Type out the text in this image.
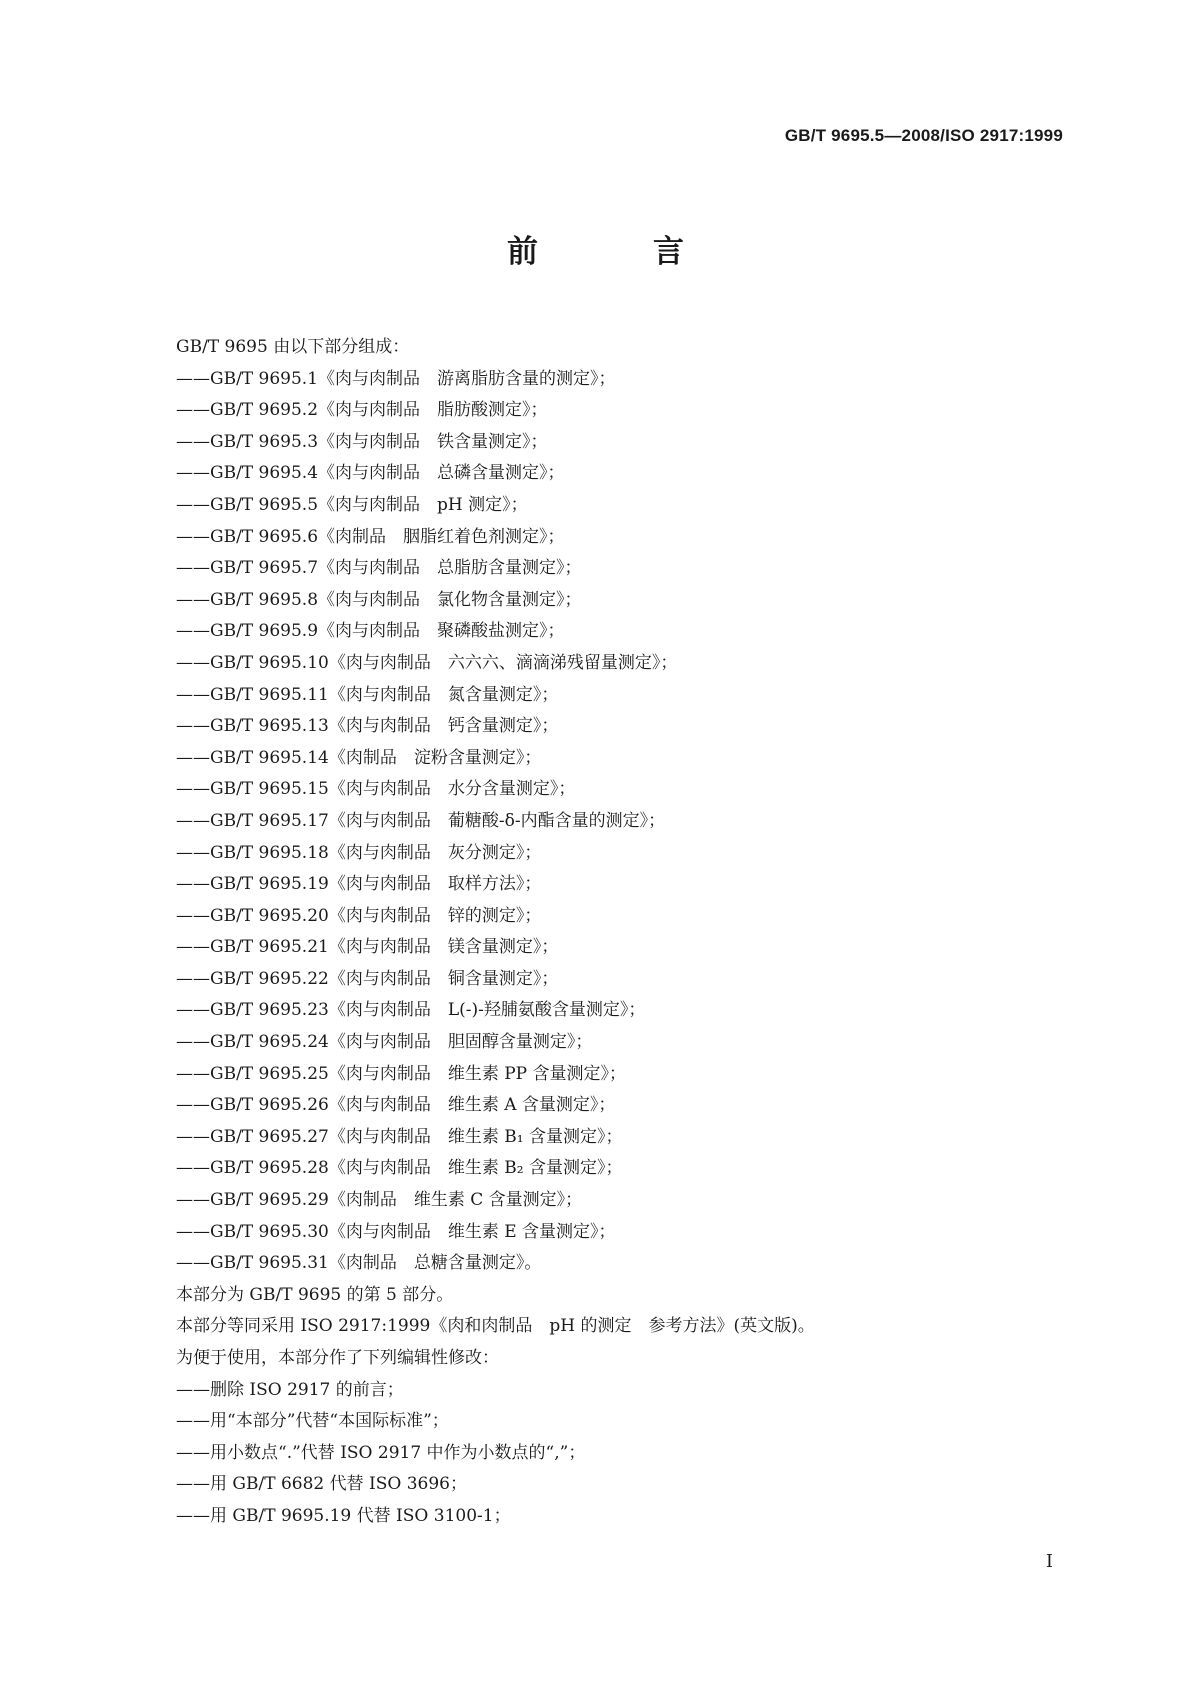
GB/T 9695.5—2008/ISO 2917:1999
前　言
GB/T 9695 由以下部分组成：
——GB/T 9695.1《肉与肉制品　游离脂肪含量的测定》；
——GB/T 9695.2《肉与肉制品　脂肪酸测定》；
——GB/T 9695.3《肉与肉制品　铁含量测定》；
——GB/T 9695.4《肉与肉制品　总磷含量测定》；
——GB/T 9695.5《肉与肉制品　pH 测定》；
——GB/T 9695.6《肉制品　胭脂红着色剂测定》；
——GB/T 9695.7《肉与肉制品　总脂肪含量测定》；
——GB/T 9695.8《肉与肉制品　氯化物含量测定》；
——GB/T 9695.9《肉与肉制品　聚磷酸盐测定》；
——GB/T 9695.10《肉与肉制品　六六六、滴滴涕残留量测定》；
——GB/T 9695.11《肉与肉制品　氮含量测定》；
——GB/T 9695.13《肉与肉制品　钙含量测定》；
——GB/T 9695.14《肉制品　淀粉含量测定》；
——GB/T 9695.15《肉与肉制品　水分含量测定》；
——GB/T 9695.17《肉与肉制品　葡糖酸-δ-内酯含量的测定》；
——GB/T 9695.18《肉与肉制品　灰分测定》；
——GB/T 9695.19《肉与肉制品　取样方法》；
——GB/T 9695.20《肉与肉制品　锌的测定》；
——GB/T 9695.21《肉与肉制品　镁含量测定》；
——GB/T 9695.22《肉与肉制品　铜含量测定》；
——GB/T 9695.23《肉与肉制品　L(-)-羟脯氨酸含量测定》；
——GB/T 9695.24《肉与肉制品　胆固醇含量测定》；
——GB/T 9695.25《肉与肉制品　维生素 PP 含量测定》；
——GB/T 9695.26《肉与肉制品　维生素 A 含量测定》；
——GB/T 9695.27《肉与肉制品　维生素 B₁ 含量测定》；
——GB/T 9695.28《肉与肉制品　维生素 B₂ 含量测定》；
——GB/T 9695.29《肉制品　维生素 C 含量测定》；
——GB/T 9695.30《肉与肉制品　维生素 E 含量测定》；
——GB/T 9695.31《肉制品　总糖含量测定》。
本部分为 GB/T 9695 的第 5 部分。
本部分等同采用 ISO 2917:1999《肉和肉制品　pH 的测定　参考方法》(英文版)。
为便于使用，本部分作了下列编辑性修改：
——删除 ISO 2917 的前言；
——用“本部分”代替“本国际标准”；
——用小数点“.”代替 ISO 2917 中作为小数点的“,”；
——用 GB/T 6682 代替 ISO 3696；
——用 GB/T 9695.19 代替 ISO 3100-1；
I
